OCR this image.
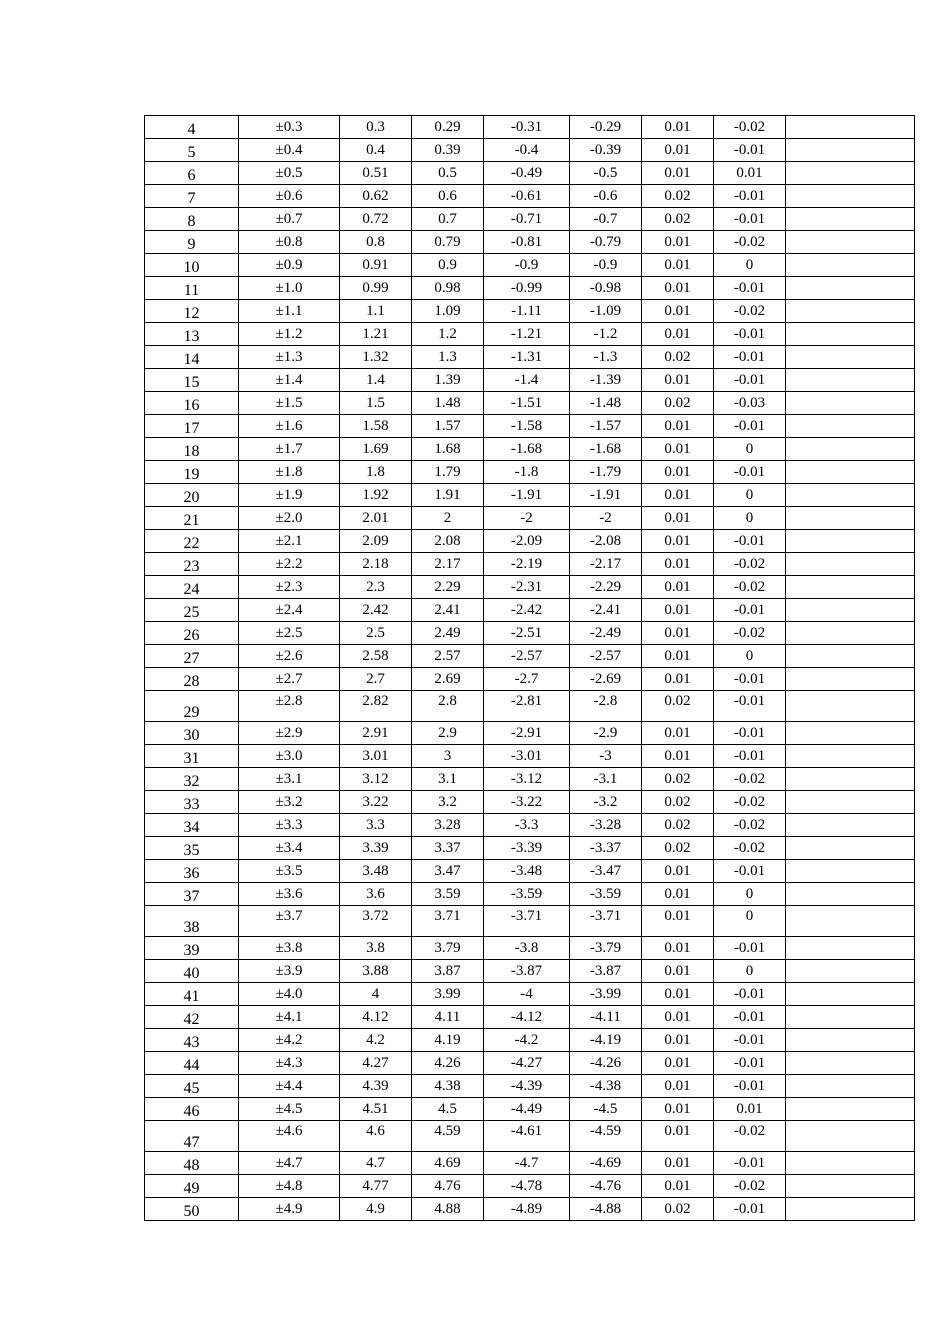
4	±0.3	0.3	0.29	-0.31	-0.29	0.01	-0.02	
5	±0.4	0.4	0.39	-0.4	-0.39	0.01	-0.01	
6	±0.5	0.51	0.5	-0.49	-0.5	0.01	0.01	
7	±0.6	0.62	0.6	-0.61	-0.6	0.02	-0.01	
8	±0.7	0.72	0.7	-0.71	-0.7	0.02	-0.01	
9	±0.8	0.8	0.79	-0.81	-0.79	0.01	-0.02	
10	±0.9	0.91	0.9	-0.9	-0.9	0.01	0	
11	±1.0	0.99	0.98	-0.99	-0.98	0.01	-0.01	
12	±1.1	1.1	1.09	-1.11	-1.09	0.01	-0.02	
13	±1.2	1.21	1.2	-1.21	-1.2	0.01	-0.01	
14	±1.3	1.32	1.3	-1.31	-1.3	0.02	-0.01	
15	±1.4	1.4	1.39	-1.4	-1.39	0.01	-0.01	
16	±1.5	1.5	1.48	-1.51	-1.48	0.02	-0.03	
17	±1.6	1.58	1.57	-1.58	-1.57	0.01	-0.01	
18	±1.7	1.69	1.68	-1.68	-1.68	0.01	0	
19	±1.8	1.8	1.79	-1.8	-1.79	0.01	-0.01	
20	±1.9	1.92	1.91	-1.91	-1.91	0.01	0	
21	±2.0	2.01	2	-2	-2	0.01	0	
22	±2.1	2.09	2.08	-2.09	-2.08	0.01	-0.01	
23	±2.2	2.18	2.17	-2.19	-2.17	0.01	-0.02	
24	±2.3	2.3	2.29	-2.31	-2.29	0.01	-0.02	
25	±2.4	2.42	2.41	-2.42	-2.41	0.01	-0.01	
26	±2.5	2.5	2.49	-2.51	-2.49	0.01	-0.02	
27	±2.6	2.58	2.57	-2.57	-2.57	0.01	0	
28	±2.7	2.7	2.69	-2.7	-2.69	0.01	-0.01	
29	±2.8	2.82	2.8	-2.81	-2.8	0.02	-0.01	
30	±2.9	2.91	2.9	-2.91	-2.9	0.01	-0.01	
31	±3.0	3.01	3	-3.01	-3	0.01	-0.01	
32	±3.1	3.12	3.1	-3.12	-3.1	0.02	-0.02	
33	±3.2	3.22	3.2	-3.22	-3.2	0.02	-0.02	
34	±3.3	3.3	3.28	-3.3	-3.28	0.02	-0.02	
35	±3.4	3.39	3.37	-3.39	-3.37	0.02	-0.02	
36	±3.5	3.48	3.47	-3.48	-3.47	0.01	-0.01	
37	±3.6	3.6	3.59	-3.59	-3.59	0.01	0	
38	±3.7	3.72	3.71	-3.71	-3.71	0.01	0	
39	±3.8	3.8	3.79	-3.8	-3.79	0.01	-0.01	
40	±3.9	3.88	3.87	-3.87	-3.87	0.01	0	
41	±4.0	4	3.99	-4	-3.99	0.01	-0.01	
42	±4.1	4.12	4.11	-4.12	-4.11	0.01	-0.01	
43	±4.2	4.2	4.19	-4.2	-4.19	0.01	-0.01	
44	±4.3	4.27	4.26	-4.27	-4.26	0.01	-0.01	
45	±4.4	4.39	4.38	-4.39	-4.38	0.01	-0.01	
46	±4.5	4.51	4.5	-4.49	-4.5	0.01	0.01	
47	±4.6	4.6	4.59	-4.61	-4.59	0.01	-0.02	
48	±4.7	4.7	4.69	-4.7	-4.69	0.01	-0.01	
49	±4.8	4.77	4.76	-4.78	-4.76	0.01	-0.02	
50	±4.9	4.9	4.88	-4.89	-4.88	0.02	-0.01	
